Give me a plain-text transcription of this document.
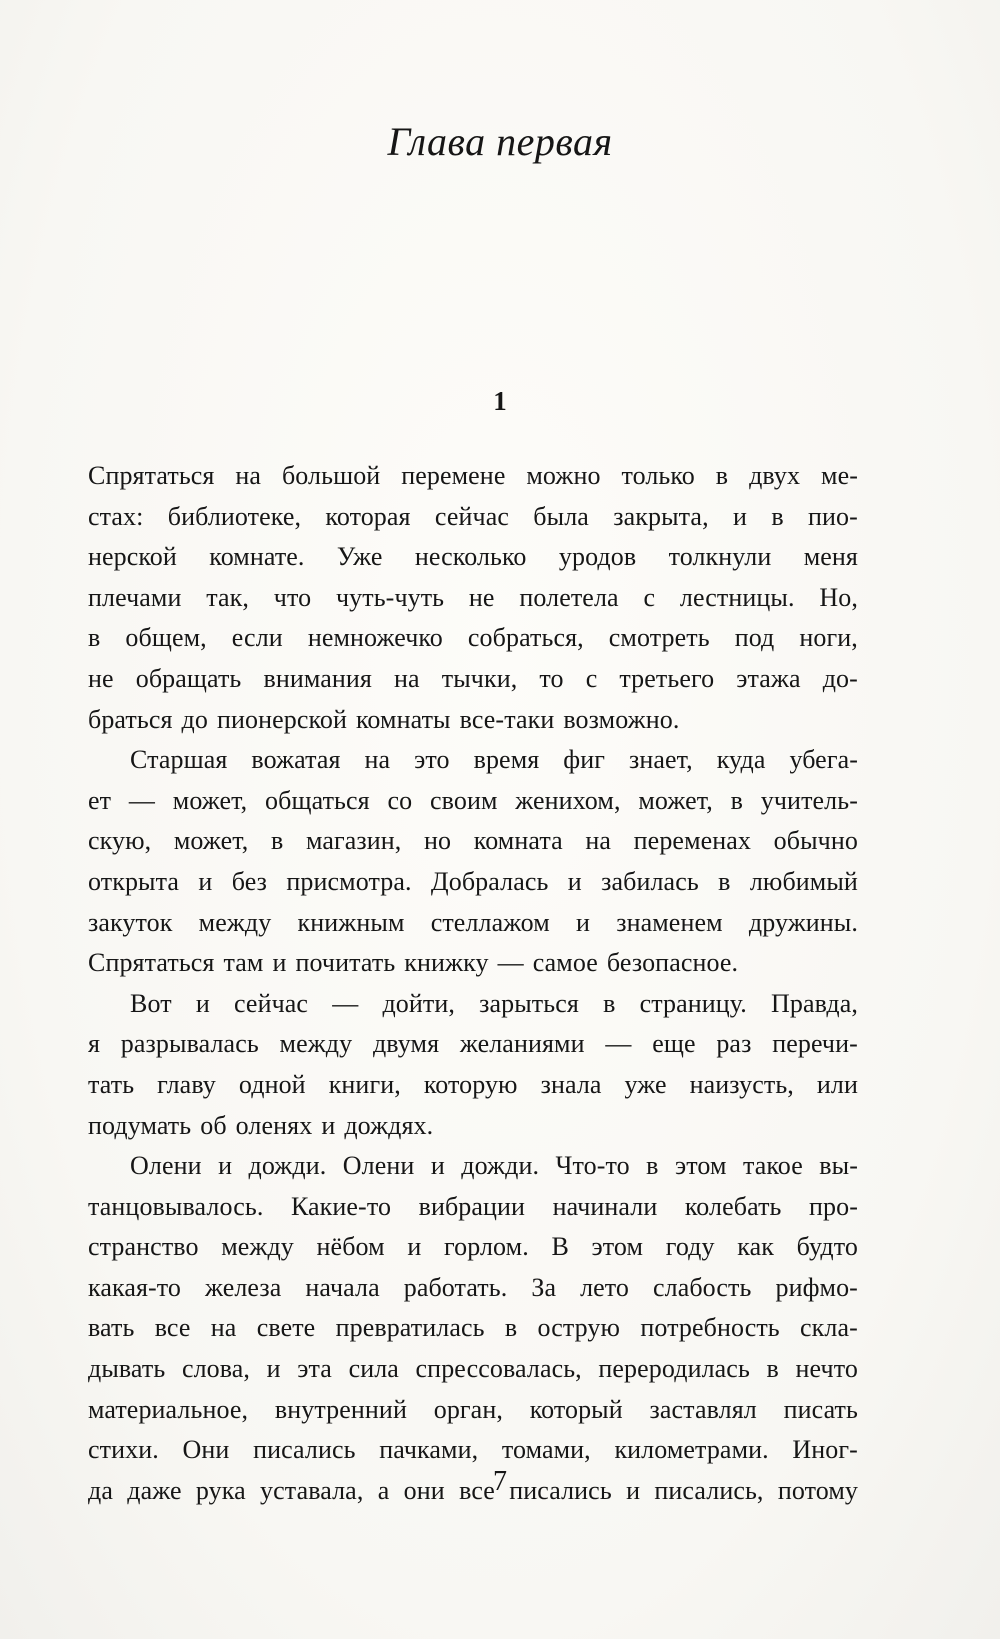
Глава первая
1
Спрятаться на большой перемене можно только в двух ме-
стах: библиотеке, которая сейчас была закрыта, и в пио-
нерской комнате. Уже несколько уродов толкнули меня
плечами так, что чуть-чуть не полетела с лестницы. Но,
в общем, если немножечко собраться, смотреть под ноги,
не обращать внимания на тычки, то с третьего этажа до-
браться до пионерской комнаты все-таки возможно.
Старшая вожатая на это время фиг знает, куда убега-
ет — может, общаться со своим женихом, может, в учитель-
скую, может, в магазин, но комната на переменах обычно
открыта и без присмотра. Добралась и забилась в любимый
закуток между книжным стеллажом и знаменем дружины.
Спрятаться там и почитать книжку — самое безопасное.
Вот и сейчас — дойти, зарыться в страницу. Правда,
я разрывалась между двумя желаниями — еще раз перечи-
тать главу одной книги, которую знала уже наизусть, или
подумать об оленях и дождях.
Олени и дожди. Олени и дожди. Что-то в этом такое вы-
танцовывалось. Какие-то вибрации начинали колебать про-
странство между нёбом и горлом. В этом году как будто
какая-то железа начала работать. За лето слабость рифмо-
вать все на свете превратилась в острую потребность скла-
дывать слова, и эта сила спрессовалась, переродилась в нечто
материальное, внутренний орган, который заставлял писать
стихи. Они писались пачками, томами, километрами. Иног-
да даже рука уставала, а они все писались и писались, потому

7
